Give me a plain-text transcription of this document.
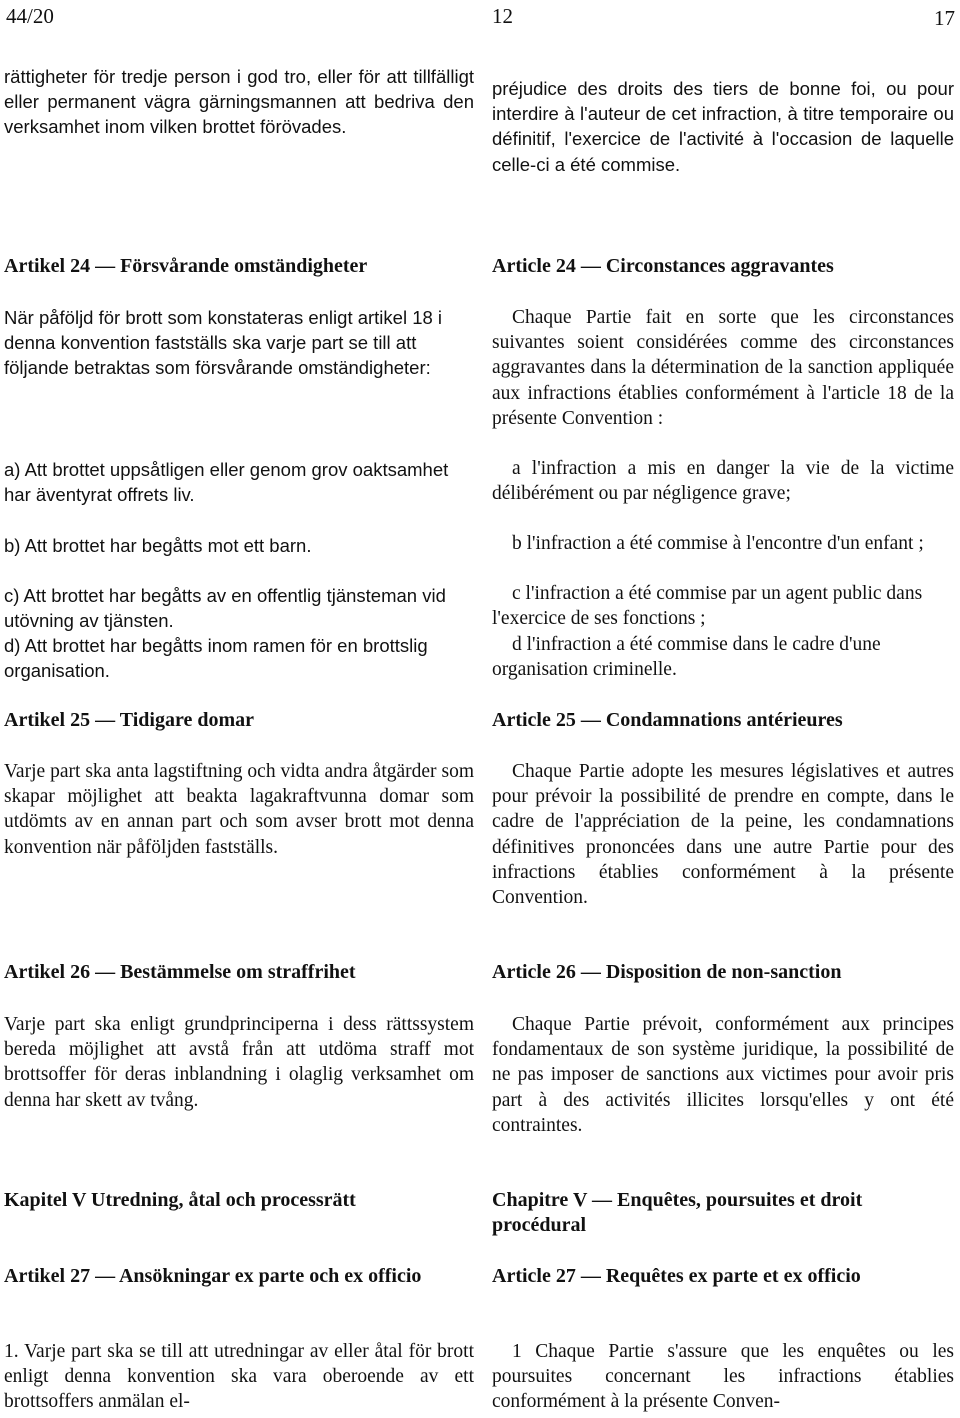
44/20	12	17

rättigheter för tredje person i god tro, eller för att tillfälligt eller permanent vägra gärningsmannen att bedriva den verksamhet inom vilken brottet förövades.

Artikel 24 — Försvårande omständigheter

När påföljd för brott som konstateras enligt artikel 18 i denna konvention fastställs ska varje part se till att följande betraktas som försvårande omständigheter:

a) Att brottet uppsåtligen eller genom grov oaktsamhet har äventyrat offrets liv.

b) Att brottet har begåtts mot ett barn.

c) Att brottet har begåtts av en offentlig tjänsteman vid utövning av tjänsten.

d) Att brottet har begåtts inom ramen för en brottslig organisation.

Artikel 25 — Tidigare domar

Varje part ska anta lagstiftning och vidta andra åtgärder som skapar möjlighet att beakta lagakraftvunna domar som utdömts av en annan part och som avser brott mot denna konvention när påföljden fastställs.

Artikel 26 — Bestämmelse om straffrihet

Varje part ska enligt grundprinciperna i dess rättssystem bereda möjlighet att avstå från att utdöma straff mot brottsoffer för deras inblandning i olaglig verksamhet om denna har skett av tvång.

Kapitel V Utredning, åtal och processrätt

Artikel 27 — Ansökningar ex parte och ex officio

1. Varje part ska se till att utredningar av eller åtal för brott enligt denna konvention ska vara oberoende av ett brottsoffers anmälan el-

préjudice des droits des tiers de bonne foi, ou pour interdire à l'auteur de cet infraction, à titre temporaire ou définitif, l'exercice de l'activité à l'occasion de laquelle celle-ci a été commise.

Article 24 — Circonstances aggravantes

Chaque Partie fait en sorte que les circonstances suivantes soient considérées comme des circonstances aggravantes dans la détermination de la sanction appliquée aux infractions établies conformément à l'article 18 de la présente Convention :

a l'infraction a mis en danger la vie de la victime délibérément ou par négligence grave;

b l'infraction a été commise à l'encontre d'un enfant ;

c l'infraction a été commise par un agent public dans l'exercice de ses fonctions ;

d l'infraction a été commise dans le cadre d'une organisation criminelle.

Article 25 — Condamnations antérieures

Chaque Partie adopte les mesures législatives et autres pour prévoir la possibilité de prendre en compte, dans le cadre de l'appréciation de la peine, les condamnations définitives prononcées dans une autre Partie pour des infractions établies conformément à la présente Convention.

Article 26 — Disposition de non-sanction

Chaque Partie prévoit, conformément aux principes fondamentaux de son système juridique, la possibilité de ne pas imposer de sanctions aux victimes pour avoir pris part à des activités illicites lorsqu'elles y ont été contraintes.

Chapitre V — Enquêtes, poursuites et droit procédural

Article 27 — Requêtes ex parte et ex officio

1 Chaque Partie s'assure que les enquêtes ou les poursuites concernant les infractions établies conformément à la présente Conven-
